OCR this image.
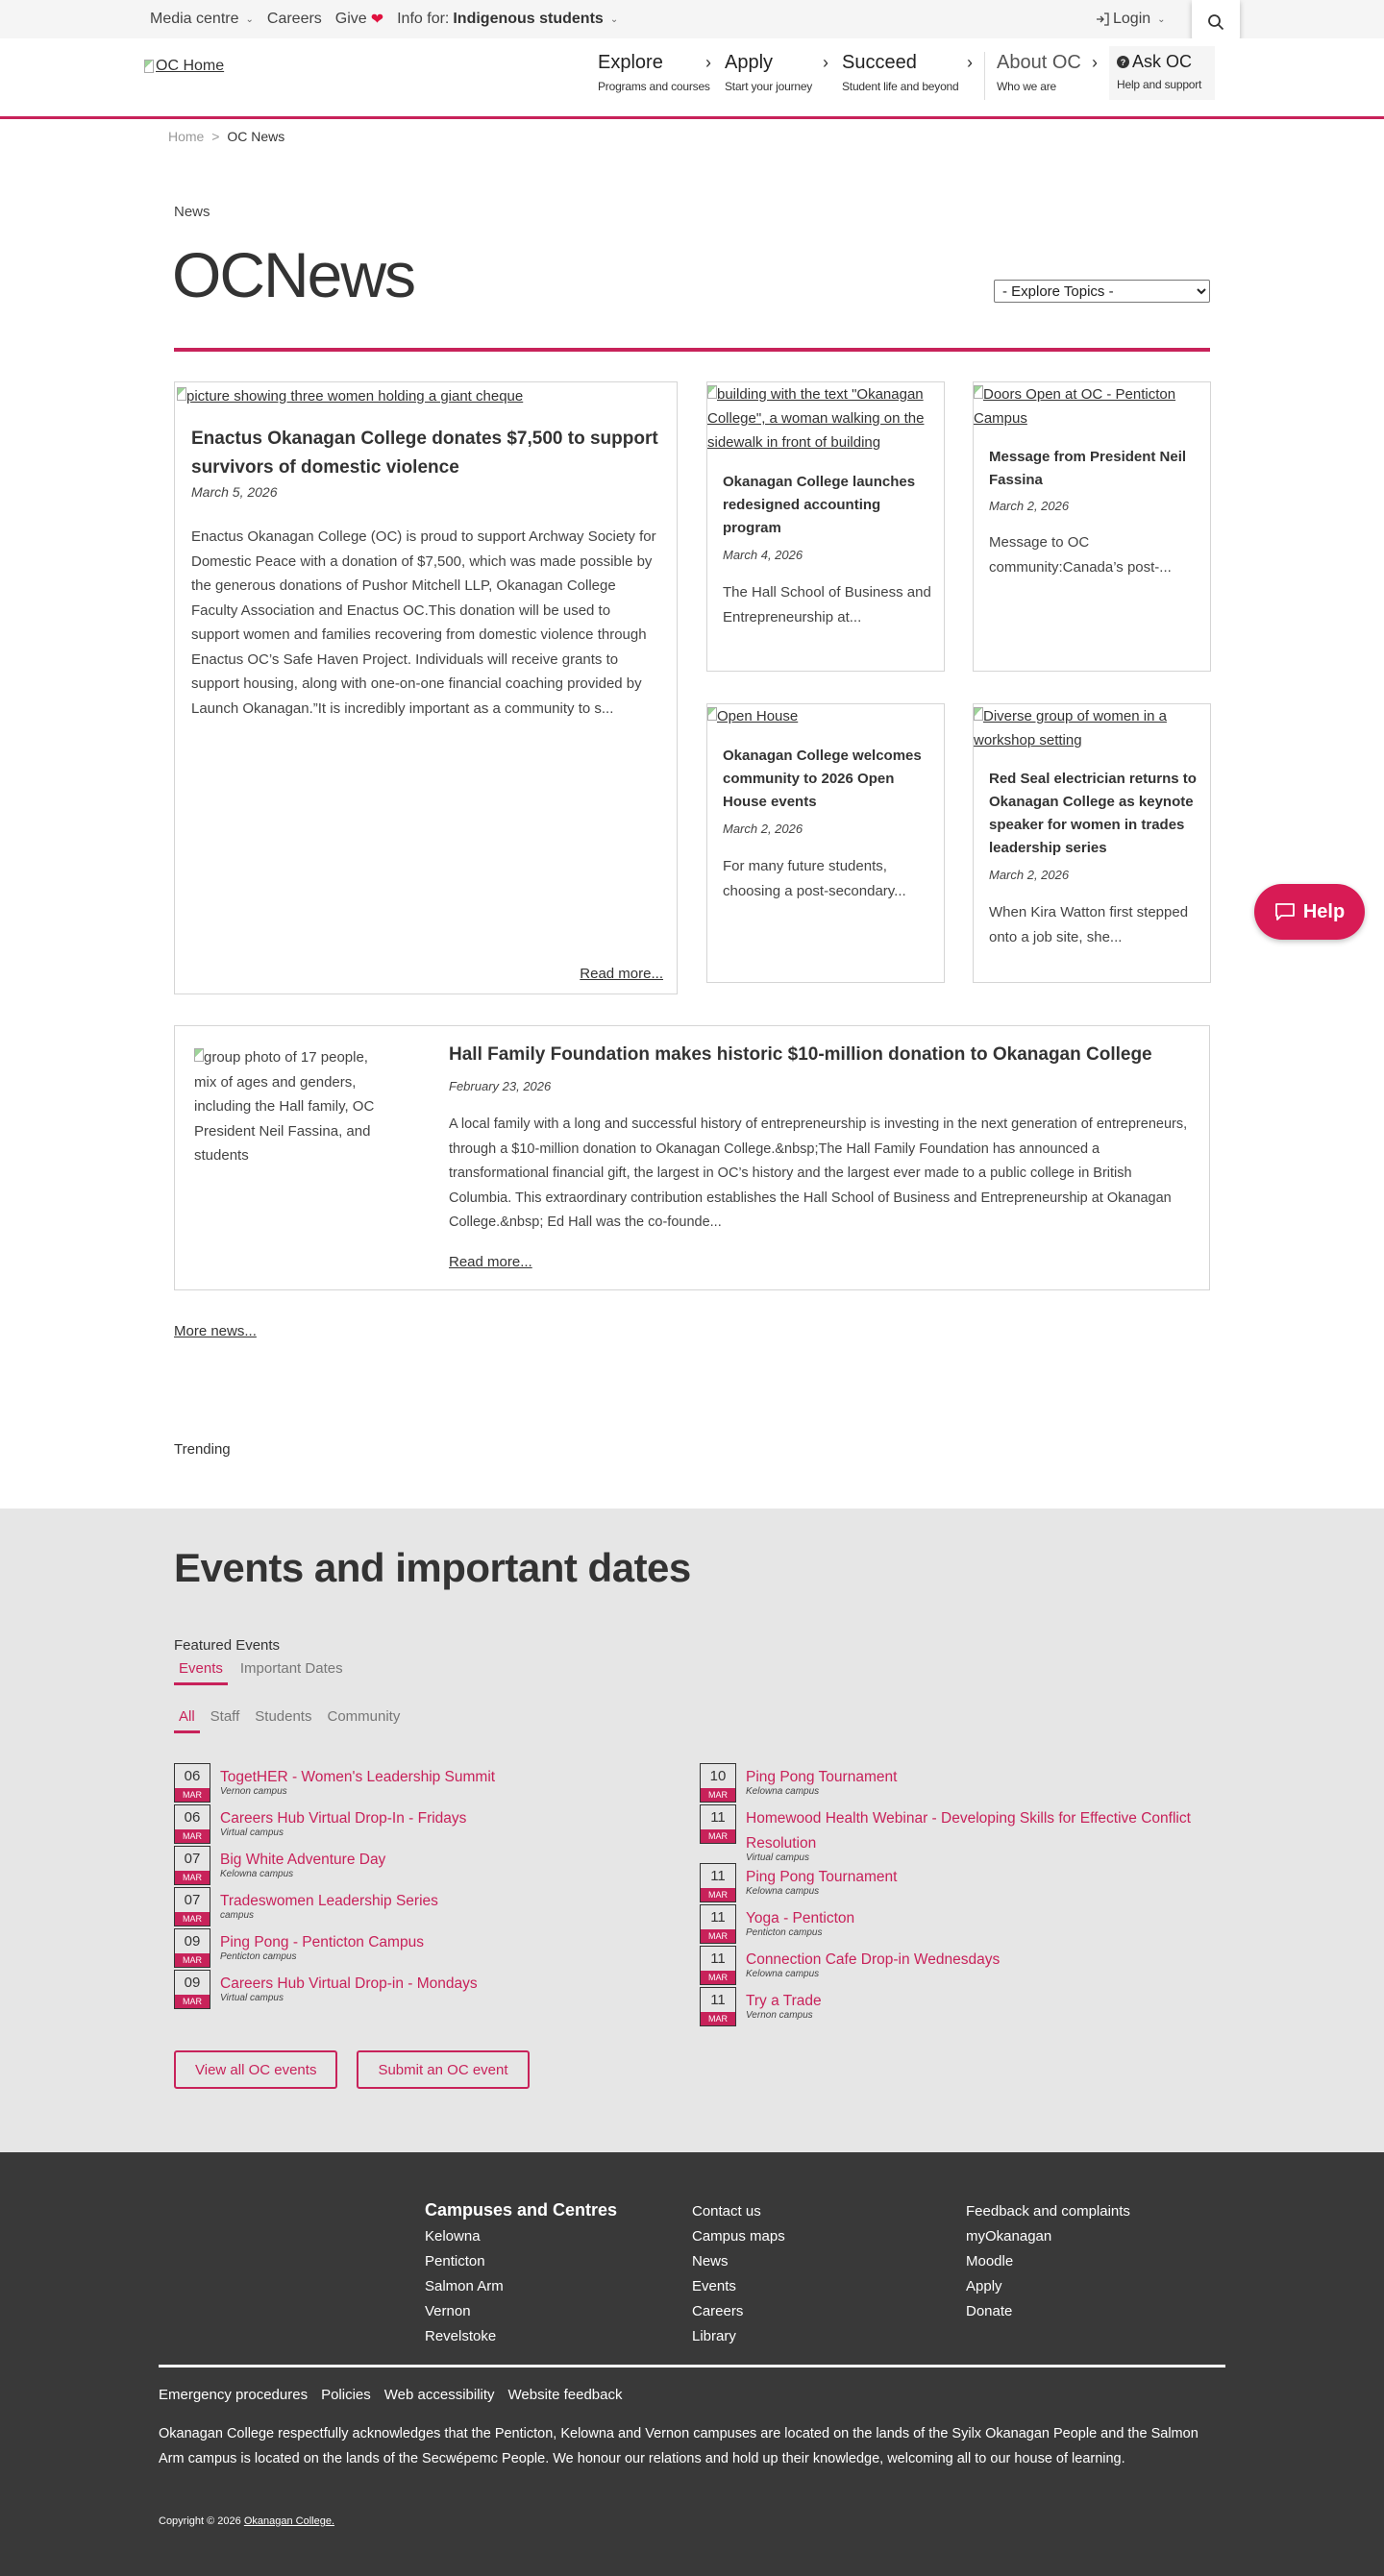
Media centre ⌄ Careers Give ❤ Info for: Indigenous students ⌄	Login ⌄
OC Home	Explore ›
Programs and courses
Apply	›
Start your journey
Succeed	›
Student life and beyond
About OC ›
Who we are
? Ask OC
Help and support
Home > OC News
News
OCNews
- Explore Topics -
picture showing three women holding a giant cheque
Enactus Okanagan College donates $7,500 to support survivors of domestic violence
March 5, 2026
Enactus Okanagan College (OC) is proud to support Archway Society for Domestic Peace with a donation of $7,500, which was made possible by the generous donations of Pushor Mitchell LLP, Okanagan College Faculty Association and Enactus OC.This donation will be used to support women and families recovering from domestic violence through Enactus OC’s Safe Haven Project. Individuals will receive grants to support housing, along with one-on-one financial coaching provided by Launch Okanagan.”It is incredibly important as a community to s...
Read more...
building with the text "Okanagan College", a woman walking on the sidewalk in front of building
Okanagan College launches redesigned accounting program
March 4, 2026
The Hall School of Business and Entrepreneurship at...
Doors Open at OC - Penticton Campus
Message from President Neil Fassina
March 2, 2026
Message to OC community:Canada’s post-...
Open House
Okanagan College welcomes community to 2026 Open House events
March 2, 2026
For many future students, choosing a post-secondary...
Diverse group of women in a workshop setting
Red Seal electrician returns to Okanagan College as keynote speaker for women in trades leadership series
March 2, 2026
When Kira Watton first stepped onto a job site, she...
group photo of 17 people, mix of ages and genders, including the Hall family, OC President Neil Fassina, and students
Hall Family Foundation makes historic $10-million donation to Okanagan College
February 23, 2026
A local family with a long and successful history of entrepreneurship is investing in the next generation of entrepreneurs, through a $10-million donation to Okanagan College.&nbsp;The Hall Family Foundation has announced a transformational financial gift, the largest in OC’s history and the largest ever made to a public college in British Columbia. This extraordinary contribution establishes the Hall School of Business and Entrepreneurship at Okanagan College.&nbsp; Ed Hall was the co-founde...
Read more...
More news...
Trending
Events and important dates
Featured Events
Events	Important Dates
All	Staff	Students	Community
06
MAR
TogetHER - Women's Leadership Summit
Vernon campus
06
MAR
Careers Hub Virtual Drop-In - Fridays
Virtual campus
07
MAR
Big White Adventure Day
Kelowna campus
07
MAR
Tradeswomen Leadership Series
campus
09
MAR
Ping Pong - Penticton Campus
Penticton campus
09
MAR
Careers Hub Virtual Drop-in - Mondays
Virtual campus
10
MAR
Ping Pong Tournament
Kelowna campus
11
MAR
Homewood Health Webinar - Developing Skills for Effective Conflict Resolution
Virtual campus
11
MAR
Ping Pong Tournament
Kelowna campus
11
MAR
Yoga - Penticton
Penticton campus
11
MAR
Connection Cafe Drop-in Wednesdays
Kelowna campus
11
MAR
Try a Trade
Vernon campus
View all OC events	Submit an OC event
Help
Campuses and Centres
Kelowna
Penticton
Salmon Arm
Vernon
Revelstoke
Contact us
Campus maps
News
Events
Careers
Library
Feedback and complaints
myOkanagan
Moodle
Apply
Donate
Emergency procedures Policies Web accessibility Website feedback

Okanagan College respectfully acknowledges that the Penticton, Kelowna and Vernon campuses are located on the lands of the Syilx Okanagan People and the Salmon Arm campus is located on the lands of the Secwépemc People. We honour our relations and hold up their knowledge, welcoming all to our house of learning.

Copyright © 2026 Okanagan College.
